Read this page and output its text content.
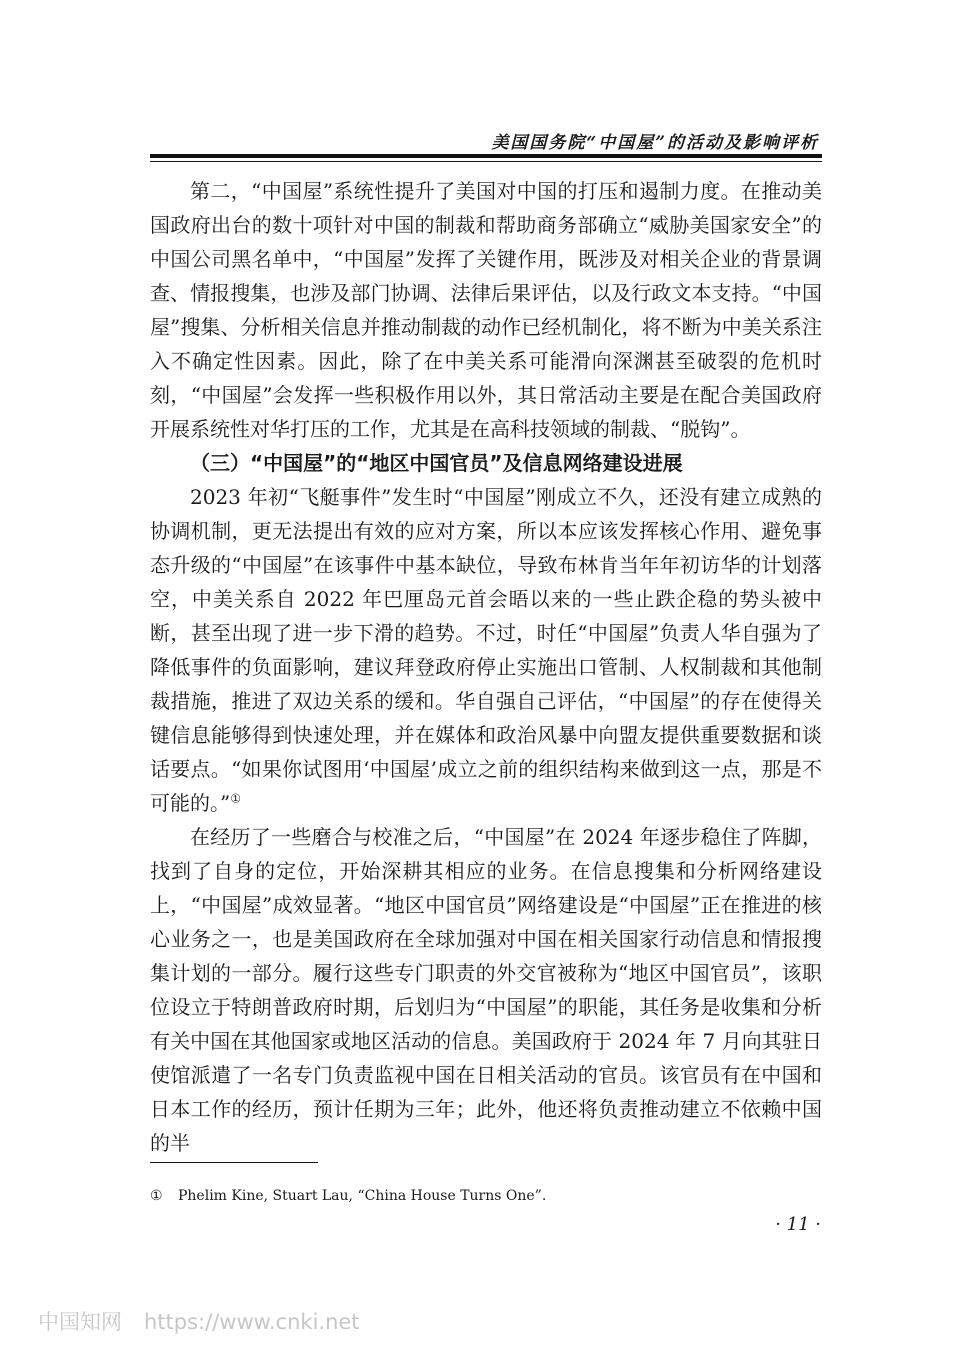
美国国务院“中国屋”的活动及影响评析

第二，“中国屋”系统性提升了美国对中国的打压和遏制力度。在推动美国政府出台的数十项针对中国的制裁和帮助商务部确立“威胁美国家安全”的中国公司黑名单中，“中国屋”发挥了关键作用，既涉及对相关企业的背景调查、情报搜集，也涉及部门协调、法律后果评估，以及行政文本支持。“中国屋”搜集、分析相关信息并推动制裁的动作已经机制化，将不断为中美关系注入不确定性因素。因此，除了在中美关系可能滑向深渊甚至破裂的危机时刻，“中国屋”会发挥一些积极作用以外，其日常活动主要是在配合美国政府开展系统性对华打压的工作，尤其是在高科技领域的制裁、“脱钩”。

（三）“中国屋”的“地区中国官员”及信息网络建设进展

2023 年初“飞艇事件”发生时“中国屋”刚成立不久，还没有建立成熟的协调机制，更无法提出有效的应对方案，所以本应该发挥核心作用、避免事态升级的“中国屋”在该事件中基本缺位，导致布林肯当年年初访华的计划落空，中美关系自 2022 年巴厘岛元首会晤以来的一些止跌企稳的势头被中断，甚至出现了进一步下滑的趋势。不过，时任“中国屋”负责人华自强为了降低事件的负面影响，建议拜登政府停止实施出口管制、人权制裁和其他制裁措施，推进了双边关系的缓和。华自强自己评估，“中国屋”的存在使得关键信息能够得到快速处理，并在媒体和政治风暴中向盟友提供重要数据和谈话要点。“如果你试图用‘中国屋’成立之前的组织结构来做到这一点，那是不可能的。”①

在经历了一些磨合与校准之后，“中国屋”在 2024 年逐步稳住了阵脚，找到了自身的定位，开始深耕其相应的业务。在信息搜集和分析网络建设上，“中国屋”成效显著。“地区中国官员”网络建设是“中国屋”正在推进的核心业务之一，也是美国政府在全球加强对中国在相关国家行动信息和情报搜集计划的一部分。履行这些专门职责的外交官被称为“地区中国官员”，该职位设立于特朗普政府时期，后划归为“中国屋”的职能，其任务是收集和分析有关中国在其他国家或地区活动的信息。美国政府于 2024 年 7 月向其驻日使馆派遣了一名专门负责监视中国在日相关活动的官员。该官员有在中国和日本工作的经历，预计任期为三年；此外，他还将负责推动建立不依赖中国的半

① Phelim Kine, Stuart Lau, “China House Turns One”.
· 11 ·
中国知网 https://www.cnki.net
